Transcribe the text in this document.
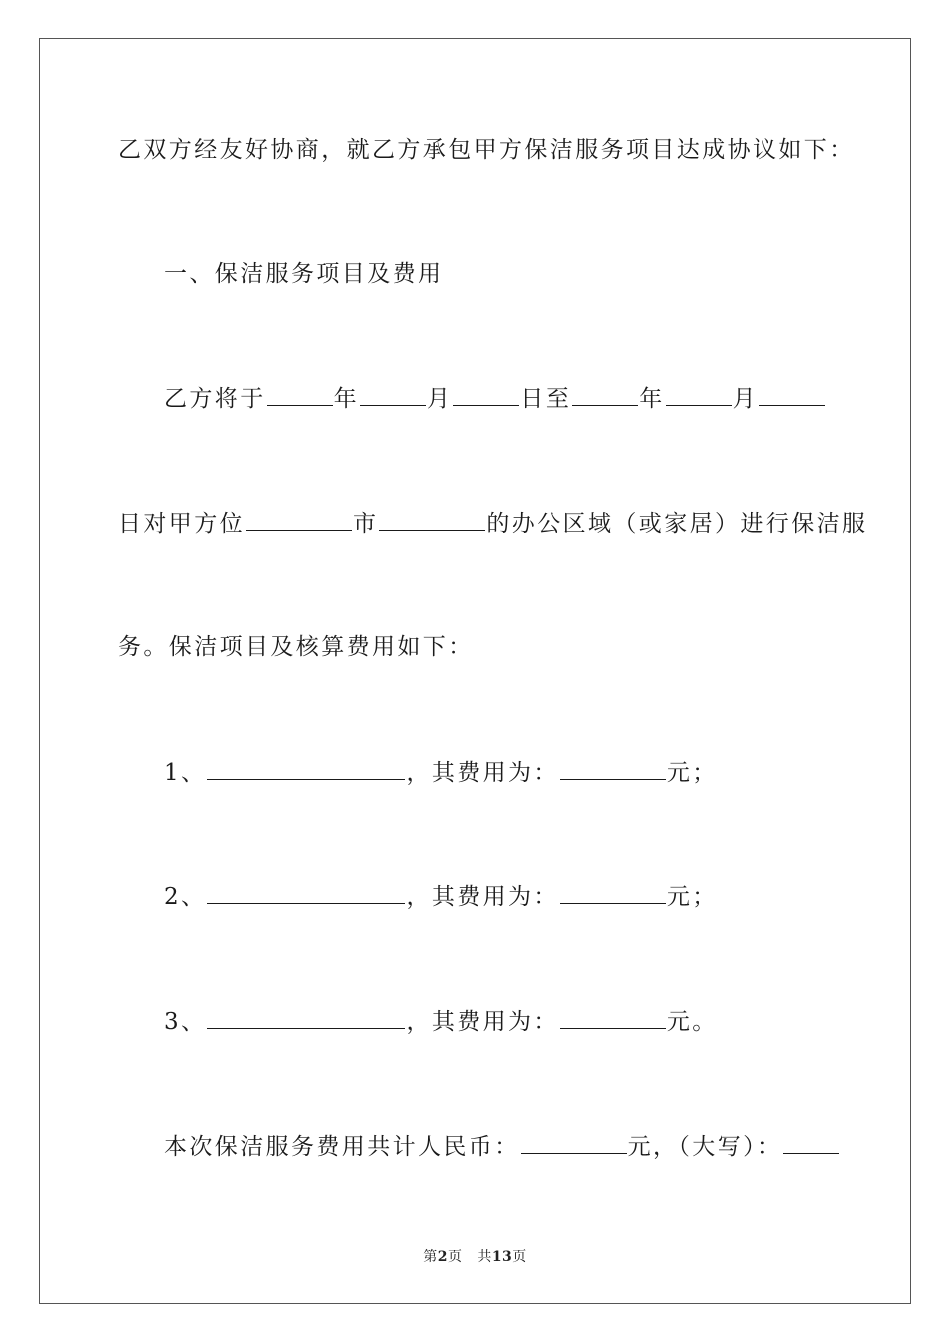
乙双方经友好协商，就乙方承包甲方保洁服务项目达成协议如下：
一、保洁服务项目及费用
乙方将于	年	月	日至	年	月
日对甲方位	市	的办公区域（或家居）进行保洁服
务。保洁项目及核算费用如下：
1、	，其费用为：	元；
2、	，其费用为：	元；
3、	，其费用为：	元。
本次保洁服务费用共计人民币：	元，（大写）：
第2页 共13页
